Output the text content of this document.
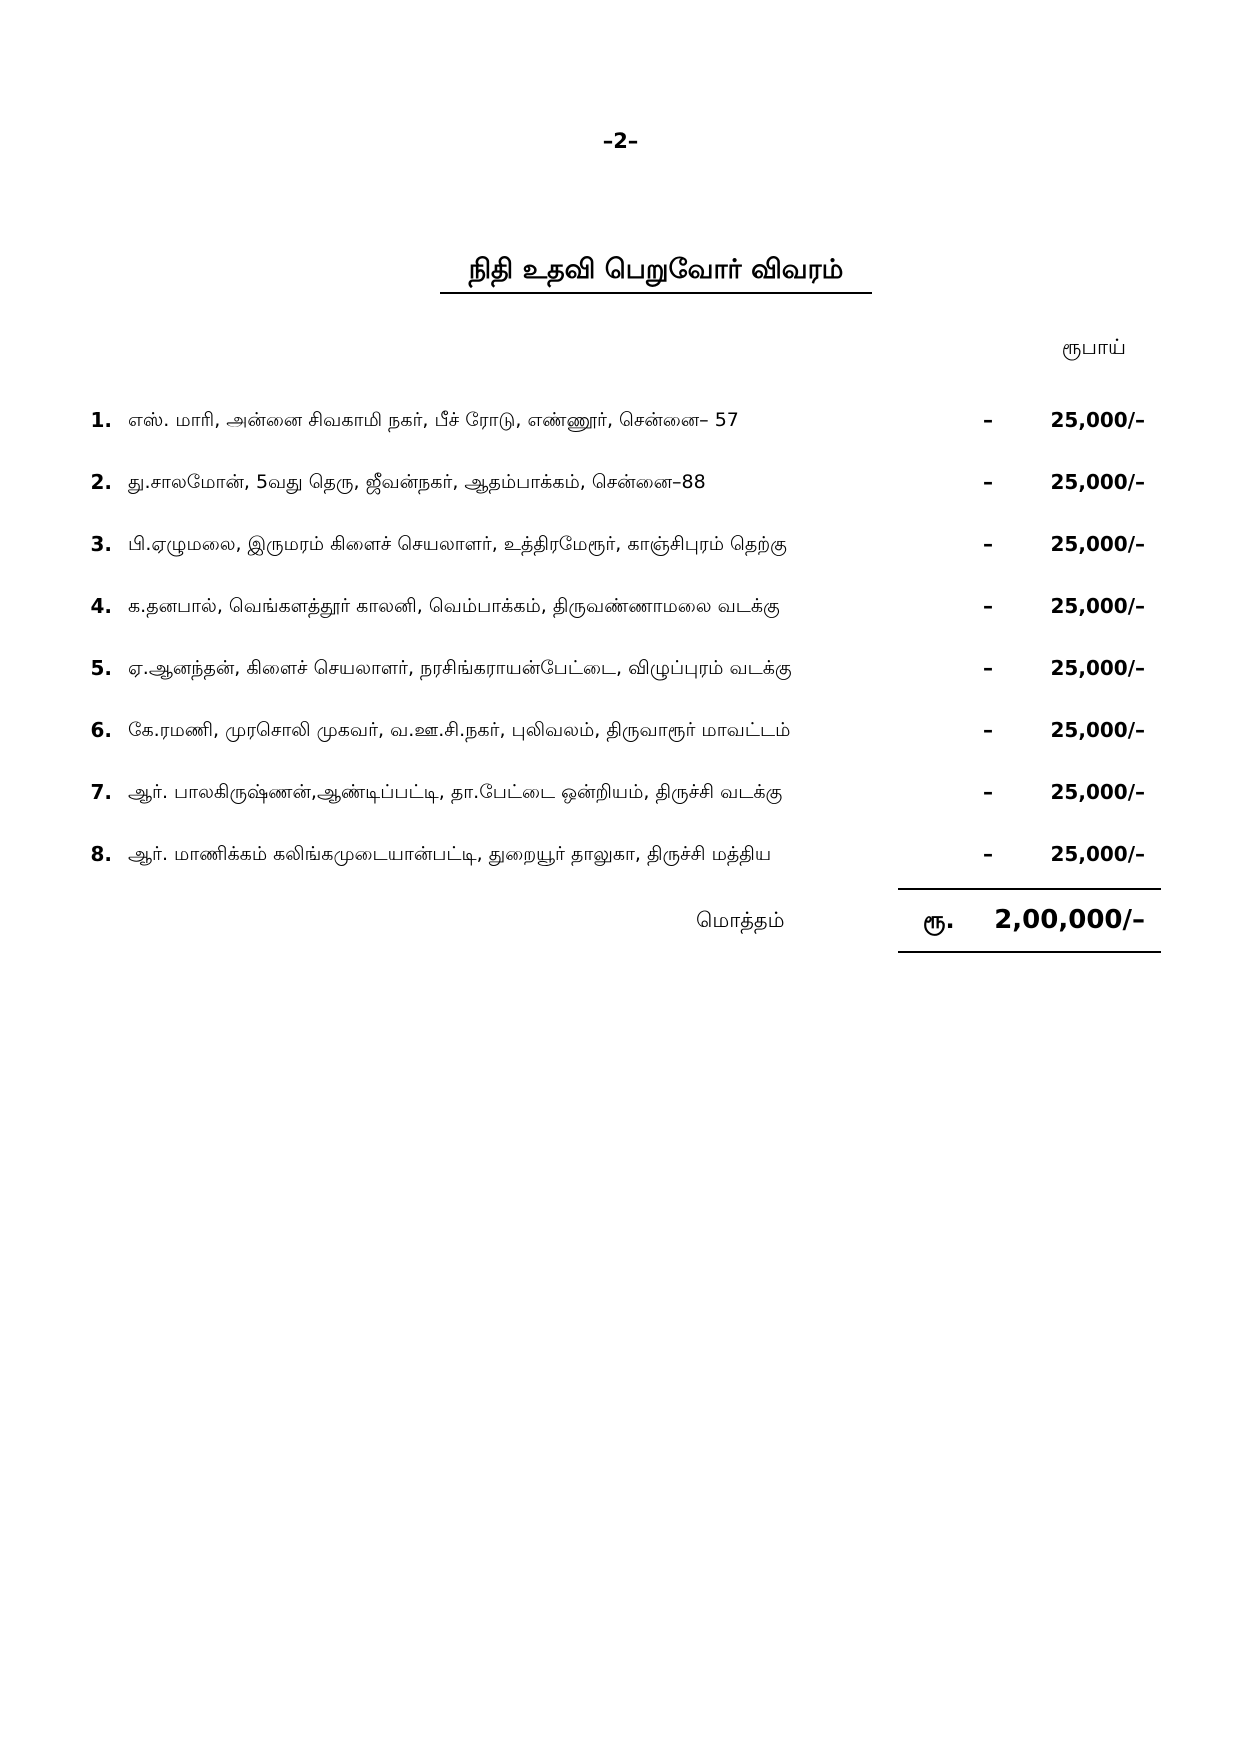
–2–
நிதி உதவி பெறுவோர் விவரம்
ரூபாய்
1. எஸ். மாரி, அன்னை சிவகாமி நகர், பீச் ரோடு, எண்ணூர், சென்னை– 57	–	25,000/–
2. து.சாலமோன், 5வது தெரு, ஜீவன்நகர், ஆதம்பாக்கம், சென்னை–88	–	25,000/–
3. பி.ஏழுமலை, இருமரம் கிளைச் செயலாளர், உத்திரமேரூர், காஞ்சிபுரம் தெற்கு	–	25,000/–
4. க.தனபால், வெங்களத்தூர் காலனி, வெம்பாக்கம், திருவண்ணாமலை வடக்கு	–	25,000/–
5. ஏ.ஆனந்தன், கிளைச் செயலாளர், நரசிங்கராயன்பேட்டை, விழுப்புரம் வடக்கு	–	25,000/–
6. கே.ரமணி, முரசொலி முகவர், வ.ஊ.சி.நகர், புலிவலம், திருவாரூர் மாவட்டம்	–	25,000/–
7. ஆர். பாலகிருஷ்ணன்,ஆண்டிப்பட்டி, தா.பேட்டை ஒன்றியம், திருச்சி வடக்கு	–	25,000/–
8. ஆர். மாணிக்கம் கலிங்கமுடையான்பட்டி, துறையூர் தாலுகா, திருச்சி மத்திய	–	25,000/–
மொத்தம்	ரூ. 2,00,000/–
